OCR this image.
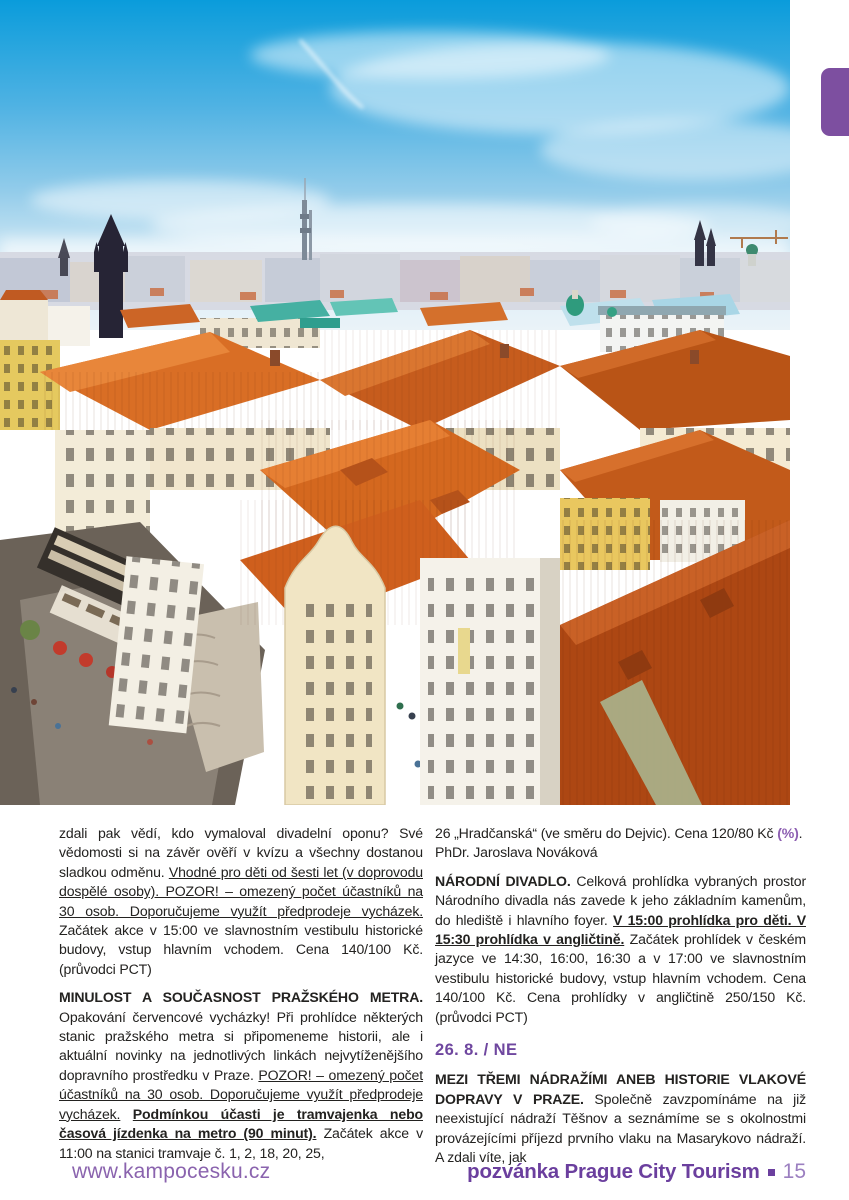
zdali pak vědí, kdo vymaloval divadelní oponu? Své vědomosti si na závěr ověří v kvízu a všechny dostanou sladkou odměnu. Vhodné pro děti od šesti let (v doprovodu dospělé osoby). POZOR! – omezený počet účastníků na 30 osob. Doporučujeme využít předprodeje vycházek. Začátek akce v 15:00 ve slavnostním vestibulu historické budovy, vstup hlavním vchodem. Cena 140/100 Kč. (průvodci PCT)

MINULOST A SOUČASNOST PRAŽSKÉHO METRA. Opakování červencové vycházky! Při prohlídce některých stanic pražského metra si připomeneme historii, ale i aktuální novinky na jednotlivých linkách nejvytíženějšího dopravního prostředku v Praze. POZOR! – omezený počet účastníků na 30 osob. Doporučujeme využít předprodeje vycházek. Podmínkou účasti je tramvajenka nebo časová jízdenka na metro (90 minut). Začátek akce v 11:00 na stanici tramvaje č. 1, 2, 18, 20, 25,

26 „Hradčanská“ (ve směru do Dejvic). Cena 120/80 Kč (%).

PhDr. Jaroslava Nováková

NÁRODNÍ DIVADLO. Celková prohlídka vybraných prostor Národního divadla nás zavede k jeho základním kamenům, do hlediště i hlavního foyer. V 15:00 prohlídka pro děti. V 15:30 prohlídka v angličtině. Začátek prohlídek v českém jazyce ve 14:30, 16:00, 16:30 a v 17:00 ve slavnostním vestibulu historické budovy, vstup hlavním vchodem. Cena 140/100 Kč. Cena prohlídky v angličtině 250/150 Kč. (průvodci PCT)

26. 8. / NE

MEZI TŘEMI NÁDRAŽÍMI ANEB HISTORIE VLAKOVÉ DOPRAVY V PRAZE. Společně zavzpomínáme na již neexistující nádraží Těšnov a seznámíme se s okolnostmi provázejícími příjezd prvního vlaku na Masarykovo nádraží. A zdali víte, jak

www.kampocesku.cz	pozvánka Prague City Tourism 15
